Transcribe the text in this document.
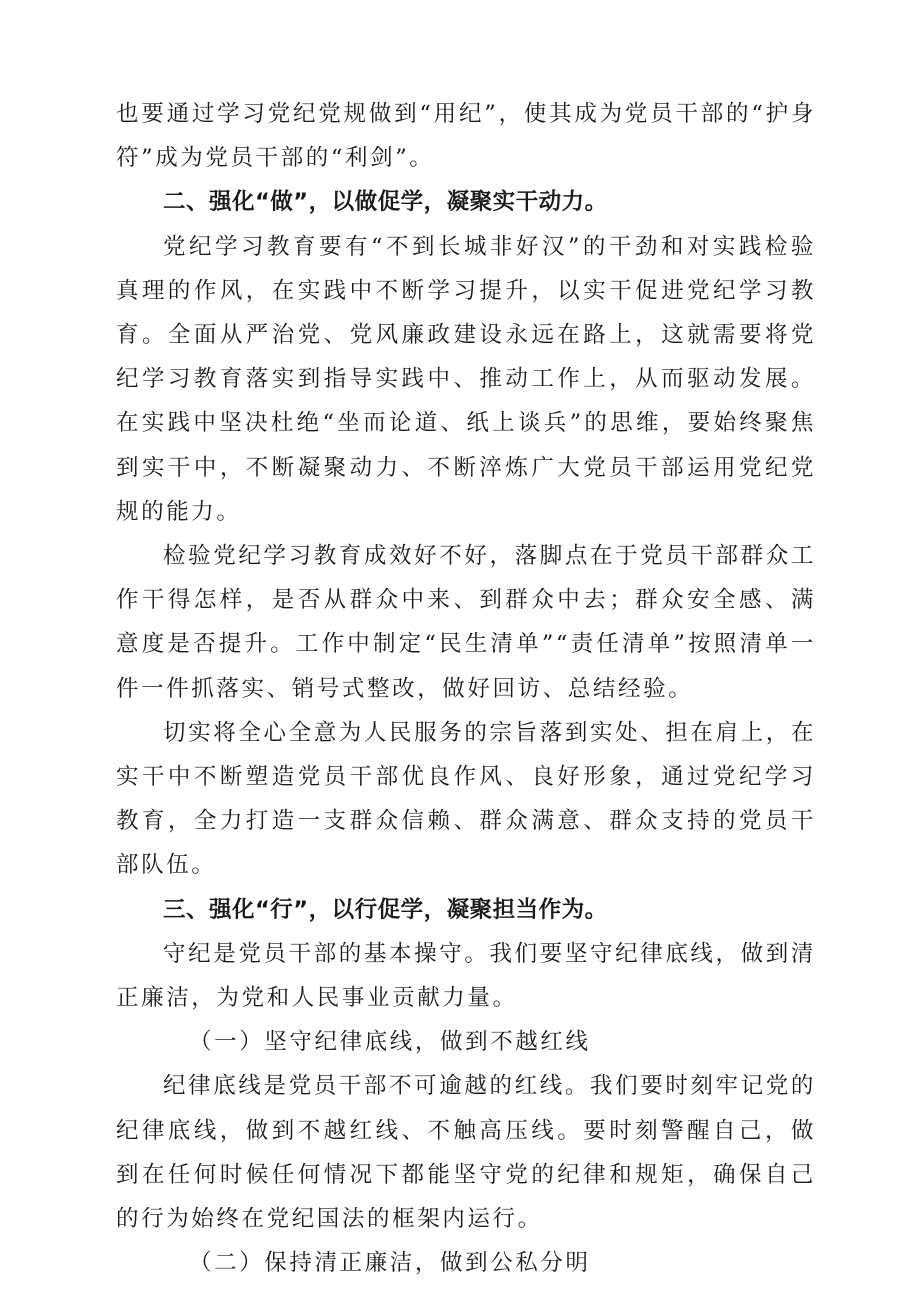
也要通过学习党纪党规做到“用纪”，使其成为党员干部的“护身符”成为党员干部的“利剑”。

二、强化“做”，以做促学，凝聚实干动力。

党纪学习教育要有“不到长城非好汉”的干劲和对实践检验真理的作风，在实践中不断学习提升，以实干促进党纪学习教育。全面从严治党、党风廉政建设永远在路上，这就需要将党纪学习教育落实到指导实践中、推动工作上，从而驱动发展。在实践中坚决杜绝“坐而论道、纸上谈兵”的思维，要始终聚焦到实干中，不断凝聚动力、不断淬炼广大党员干部运用党纪党规的能力。

检验党纪学习教育成效好不好，落脚点在于党员干部群众工作干得怎样，是否从群众中来、到群众中去；群众安全感、满意度是否提升。工作中制定“民生清单”“责任清单”按照清单一件一件抓落实、销号式整改，做好回访、总结经验。

切实将全心全意为人民服务的宗旨落到实处、担在肩上，在实干中不断塑造党员干部优良作风、良好形象，通过党纪学习教育，全力打造一支群众信赖、群众满意、群众支持的党员干部队伍。

三、强化“行”，以行促学，凝聚担当作为。

守纪是党员干部的基本操守。我们要坚守纪律底线，做到清正廉洁，为党和人民事业贡献力量。

（一）坚守纪律底线，做到不越红线

纪律底线是党员干部不可逾越的红线。我们要时刻牢记党的纪律底线，做到不越红线、不触高压线。要时刻警醒自己，做到在任何时候任何情况下都能坚守党的纪律和规矩，确保自己的行为始终在党纪国法的框架内运行。

（二）保持清正廉洁，做到公私分明
